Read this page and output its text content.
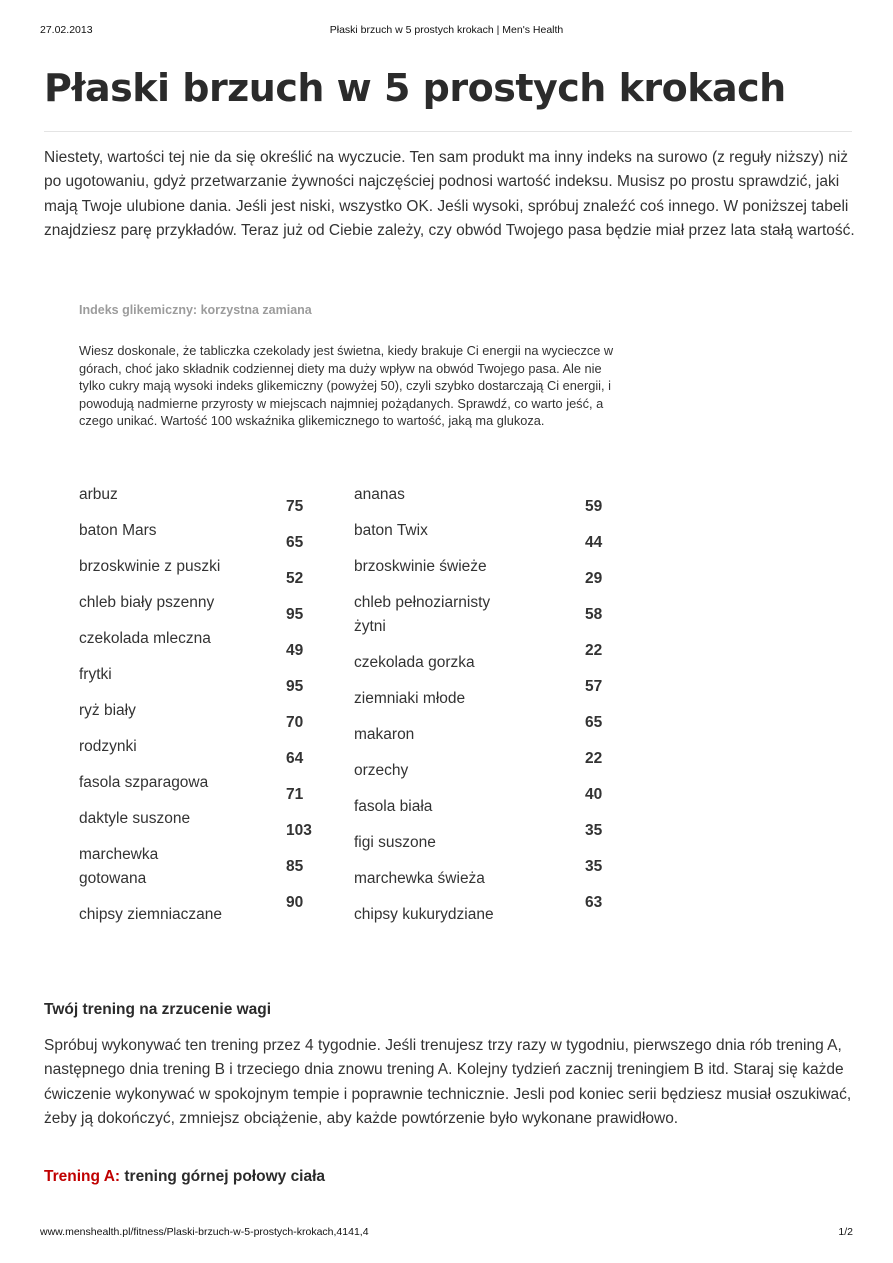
27.02.2013	Płaski brzuch w 5 prostych krokach | Men's Health
Płaski brzuch w 5 prostych krokach

Niestety, wartości tej nie da się określić na wyczucie. Ten sam produkt ma inny indeks na surowo (z reguły niższy) niż po ugotowaniu, gdyż przetwarzanie żywności najczęściej podnosi wartość indeksu. Musisz po prostu sprawdzić, jaki mają Twoje ulubione dania. Jeśli jest niski, wszystko OK. Jeśli wysoki, spróbuj znaleźć coś innego. W poniższej tabeli znajdziesz parę przykładów. Teraz już od Ciebie zależy, czy obwód Twojego pasa będzie miał przez lata stałą wartość.

Indeks glikemiczny: korzystna zamiana

Wiesz doskonale, że tabliczka czekolady jest świetna, kiedy brakuje Ci energii na wycieczce w górach, choć jako składnik codziennej diety ma duży wpływ na obwód Twojego pasa. Ale nie tylko cukry mają wysoki indeks glikemiczny (powyżej 50), czyli szybko dostarczają Ci energii, i powodują nadmierne przyrosty w miejscach najmniej pożądanych. Sprawdź, co warto jeść, a czego unikać. Wartość 100 wskaźnika glikemicznego to wartość, jaką ma glukoza.

arbuz
baton Mars
brzoskwinie z puszki
chleb biały pszenny
czekolada mleczna
frytki
ryż biały
rodzynki
fasola szparagowa
daktyle suszone
marchewka gotowana
chipsy ziemniaczane
75
65
52
95
49
95
70
64
71
103
85
90
ananas
baton Twix
brzoskwinie świeże
chleb pełnoziarnisty żytni
czekolada gorzka
ziemniaki młode
makaron
orzechy
fasola biała
figi suszone
marchewka świeża
chipsy kukurydziane
59
44
29
58
22
57
65
22
40
35
35
63

Twój trening na zrzucenie wagi

Spróbuj wykonywać ten trening przez 4 tygodnie. Jeśli trenujesz trzy razy w tygodniu, pierwszego dnia rób trening A, następnego dnia trening B i trzeciego dnia znowu trening A. Kolejny tydzień zacznij treningiem B itd. Staraj się każde ćwiczenie wykonywać w spokojnym tempie i poprawnie technicznie. Jesli pod koniec serii będziesz musiał oszukiwać, żeby ją dokończyć, zmniejsz obciążenie, aby każde powtórzenie było wykonane prawidłowo.

Trening A: trening górnej połowy ciała

www.menshealth.pl/fitness/Plaski-brzuch-w-5-prostych-krokach,4141,4	1/2
